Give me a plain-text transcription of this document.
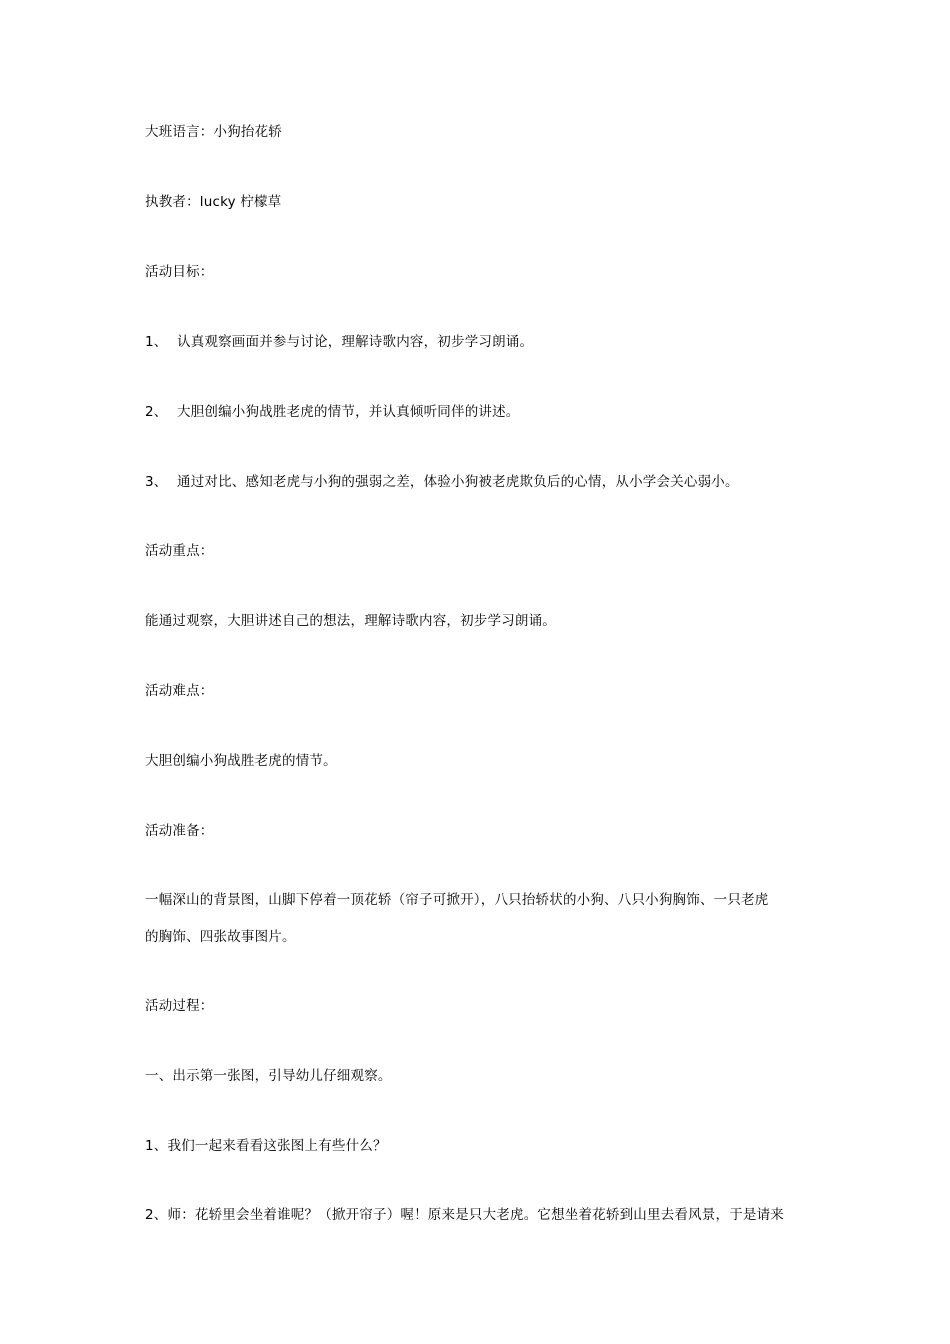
大班语言：小狗抬花轿
执教者：lucky 柠檬草
活动目标：
1、 认真观察画面并参与讨论，理解诗歌内容，初步学习朗诵。
2、 大胆创编小狗战胜老虎的情节，并认真倾听同伴的讲述。
3、 通过对比、感知老虎与小狗的强弱之差，体验小狗被老虎欺负后的心情，从小学会关心弱小。
活动重点：
能通过观察，大胆讲述自己的想法，理解诗歌内容，初步学习朗诵。
活动难点：
大胆创编小狗战胜老虎的情节。
活动准备：
一幅深山的背景图，山脚下停着一顶花轿（帘子可掀开），八只抬轿状的小狗、八只小狗胸饰、一只老虎
的胸饰、四张故事图片。
活动过程：
一、出示第一张图，引导幼儿仔细观察。
1、我们一起来看看这张图上有些什么？
2、师：花轿里会坐着谁呢？（掀开帘子）喔！原来是只大老虎。它想坐着花轿到山里去看风景，于是请来
